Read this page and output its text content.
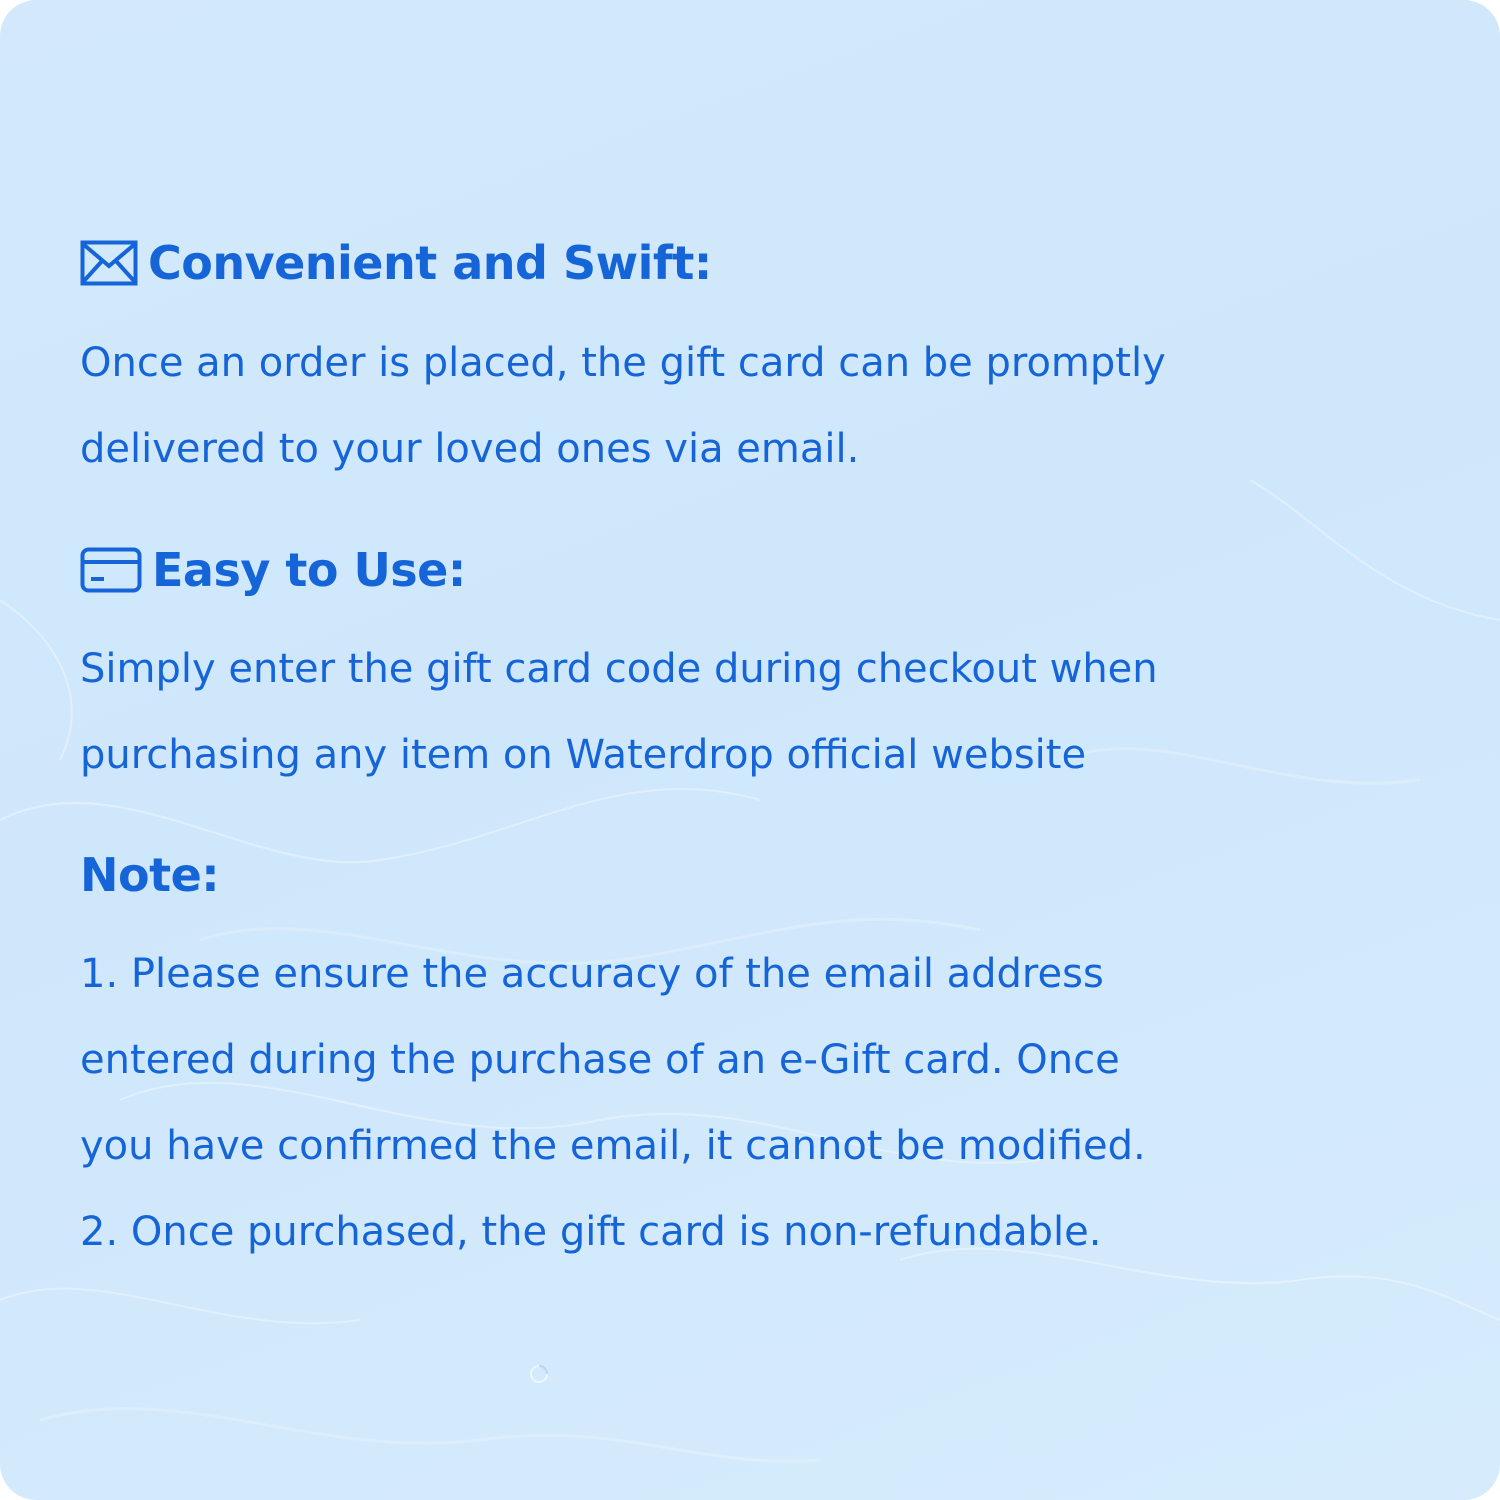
Convenient and Swift:

Once an order is placed, the gift card can be promptly
delivered to your loved ones via email.

Easy to Use:

Simply enter the gift card code during checkout when
purchasing any item on Waterdrop official website

Note:

1. Please ensure the accuracy of the email address
entered during the purchase of an e-Gift card. Once
you have confirmed the email, it cannot be modified.
2. Once purchased, the gift card is non-refundable.
